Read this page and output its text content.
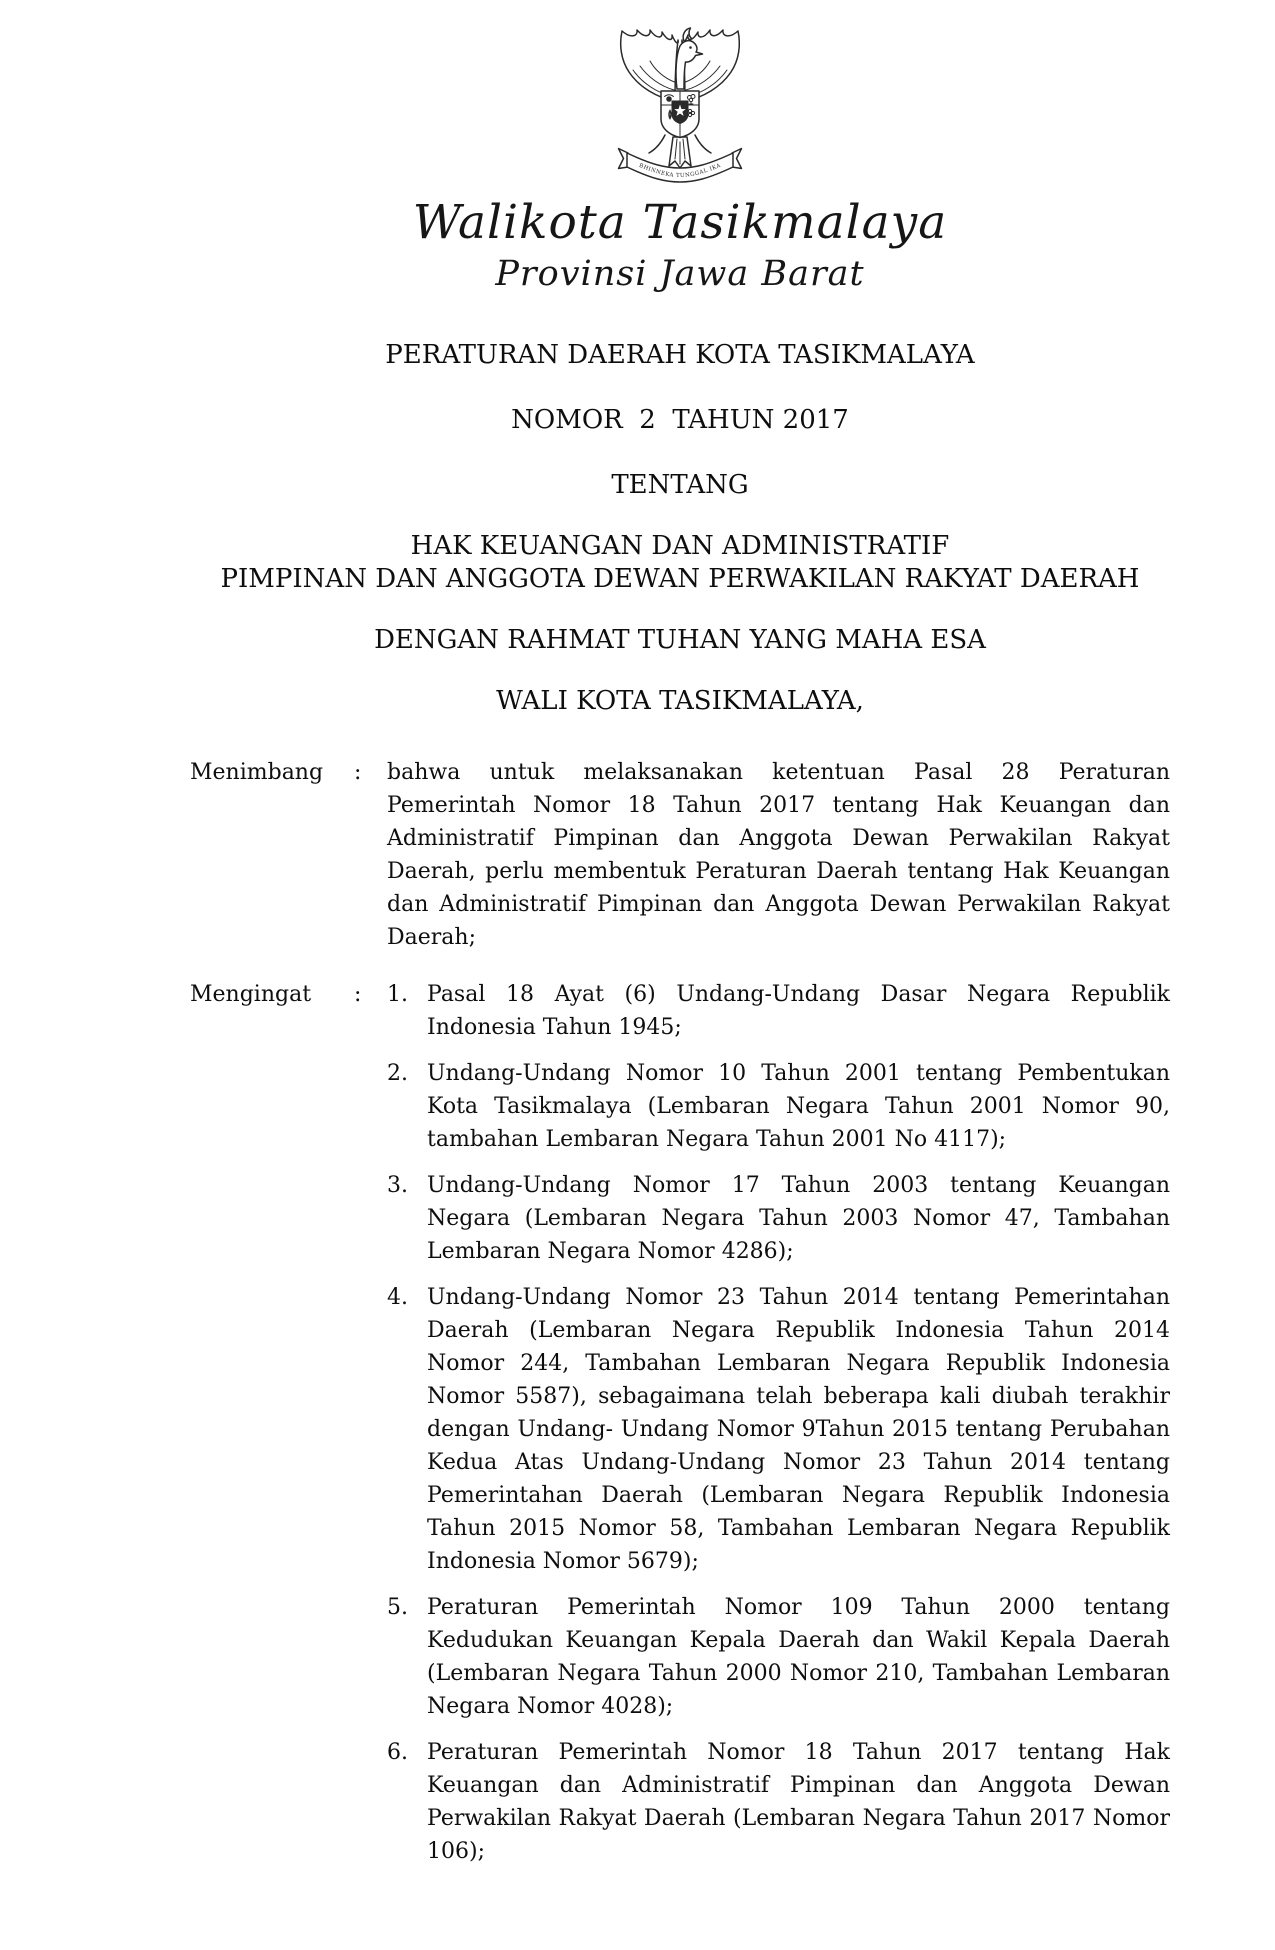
BHINNEKA TUNGGAL IKA
Walikota Tasikmalaya
Provinsi Jawa Barat

PERATURAN DAERAH KOTA TASIKMALAYA

NOMOR  2  TAHUN 2017

TENTANG

HAK KEUANGAN DAN ADMINISTRATIF
PIMPINAN DAN ANGGOTA DEWAN PERWAKILAN RAKYAT DAERAH

DENGAN RAHMAT TUHAN YANG MAHA ESA

WALI KOTA TASIKMALAYA,

Menimbang	:	bahwa untuk melaksanakan ketentuan Pasal 28 Peraturan Pemerintah Nomor 18 Tahun 2017 tentang Hak Keuangan dan Administratif Pimpinan dan Anggota Dewan Perwakilan Rakyat Daerah, perlu membentuk Peraturan Daerah tentang Hak Keuangan dan Administratif Pimpinan dan Anggota Dewan Perwakilan Rakyat Daerah;
Mengingat	:	1. Pasal 18 Ayat (6) Undang-Undang Dasar Negara Republik Indonesia Tahun 1945;
2. Undang-Undang Nomor 10 Tahun 2001 tentang Pembentukan Kota Tasikmalaya (Lembaran Negara Tahun 2001 Nomor 90, tambahan Lembaran Negara Tahun 2001 No 4117);
3. Undang-Undang Nomor 17 Tahun 2003 tentang Keuangan Negara (Lembaran Negara Tahun 2003 Nomor 47, Tambahan Lembaran Negara Nomor 4286);
4. Undang-Undang Nomor 23 Tahun 2014 tentang Pemerintahan Daerah (Lembaran Negara Republik Indonesia Tahun 2014 Nomor 244, Tambahan Lembaran Negara Republik Indonesia Nomor 5587), sebagaimana telah beberapa kali diubah terakhir dengan Undang- Undang Nomor 9Tahun 2015 tentang Perubahan Kedua Atas Undang-Undang Nomor 23 Tahun 2014 tentang Pemerintahan Daerah (Lembaran Negara Republik Indonesia Tahun 2015 Nomor 58, Tambahan Lembaran Negara Republik Indonesia Nomor 5679);
5. Peraturan Pemerintah Nomor 109 Tahun 2000 tentang Kedudukan Keuangan Kepala Daerah dan Wakil Kepala Daerah (Lembaran Negara Tahun 2000 Nomor 210, Tambahan Lembaran Negara Nomor 4028);
6. Peraturan Pemerintah Nomor 18 Tahun 2017 tentang Hak Keuangan dan Administratif Pimpinan dan Anggota Dewan Perwakilan Rakyat Daerah (Lembaran Negara Tahun 2017 Nomor 106);
